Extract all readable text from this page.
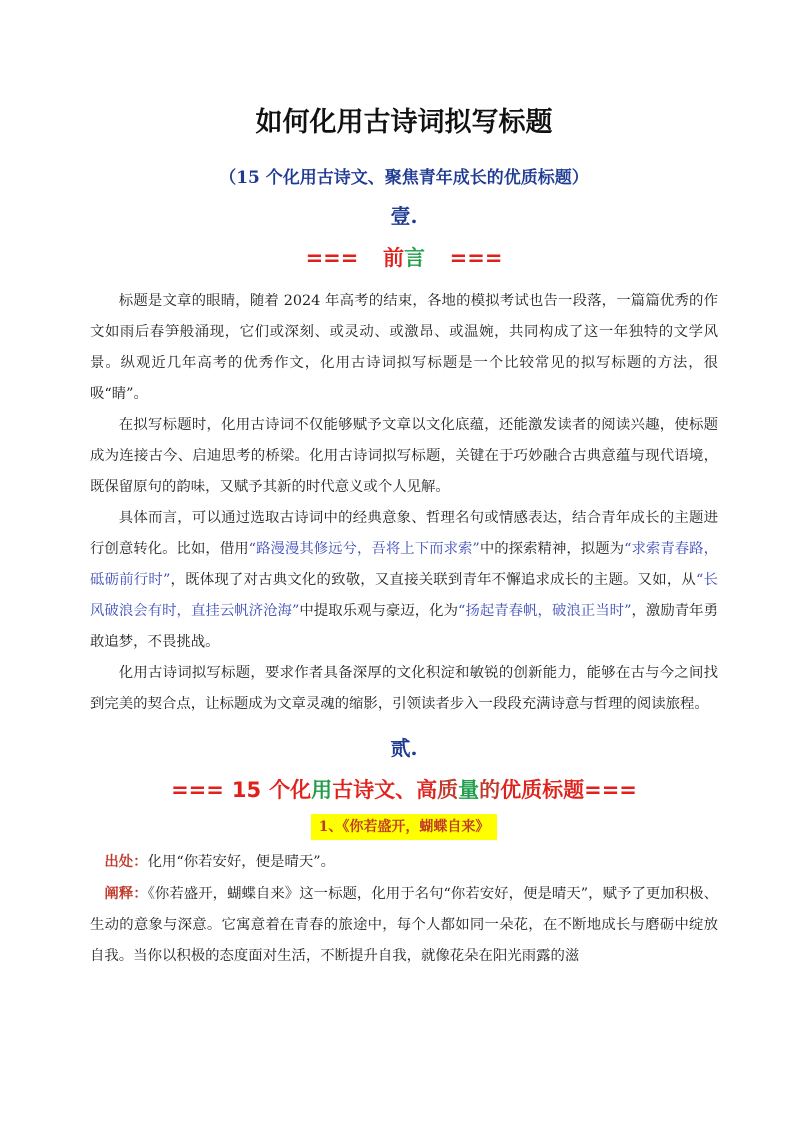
如何化用古诗词拟写标题
（15 个化用古诗文、聚焦青年成长的优质标题）
壹.
=== 前言 ===

标题是文章的眼睛，随着 2024 年高考的结束，各地的模拟考试也告一段落，一篇篇优秀的作文如雨后春笋般涌现，它们或深刻、或灵动、或激昂、或温婉，共同构成了这一年独特的文学风景。纵观近几年高考的优秀作文，化用古诗词拟写标题是一个比较常见的拟写标题的方法，很吸“睛”。

在拟写标题时，化用古诗词不仅能够赋予文章以文化底蕴，还能激发读者的阅读兴趣，使标题成为连接古今、启迪思考的桥梁。化用古诗词拟写标题，关键在于巧妙融合古典意蕴与现代语境，既保留原句的韵味，又赋予其新的时代意义或个人见解。

具体而言，可以通过选取古诗词中的经典意象、哲理名句或情感表达，结合青年成长的主题进行创意转化。比如，借用“路漫漫其修远兮，吾将上下而求索”中的探索精神，拟题为“求索青春路，砥砺前行时”，既体现了对古典文化的致敬，又直接关联到青年不懈追求成长的主题。又如，从“长风破浪会有时，直挂云帆济沧海”中提取乐观与豪迈，化为“扬起青春帆，破浪正当时”，激励青年勇敢追梦，不畏挑战。

化用古诗词拟写标题，要求作者具备深厚的文化积淀和敏锐的创新能力，能够在古与今之间找到完美的契合点，让标题成为文章灵魂的缩影，引领读者步入一段段充满诗意与哲理的阅读旅程。

贰.
=== 15 个化用古诗文、高质量的优质标题===
1、《你若盛开，蝴蝶自来》

出处：化用“你若安好，便是晴天”。

阐释：《你若盛开，蝴蝶自来》这一标题，化用于名句“你若安好，便是晴天”，赋予了更加积极、生动的意象与深意。它寓意着在青春的旅途中，每个人都如同一朵花，在不断地成长与磨砺中绽放自我。当你以积极的态度面对生活，不断提升自我，就像花朵在阳光雨露的滋
